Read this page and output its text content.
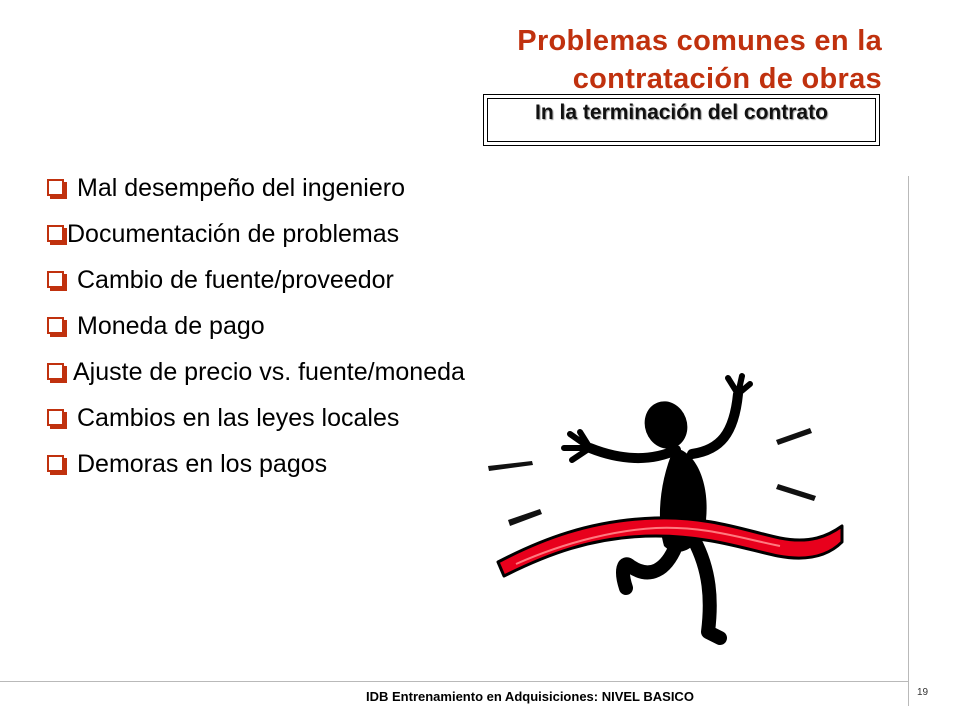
Problemas comunes en la
contratación de obras
In la terminación del contrato
Mal desempeño del ingeniero
Documentación de problemas
Cambio de fuente/proveedor
Moneda de pago
Ajuste de precio vs. fuente/moneda
Cambios en las leyes locales
Demoras en los pagos
IDB Entrenamiento en Adquisiciones: NIVEL BASICO	19
